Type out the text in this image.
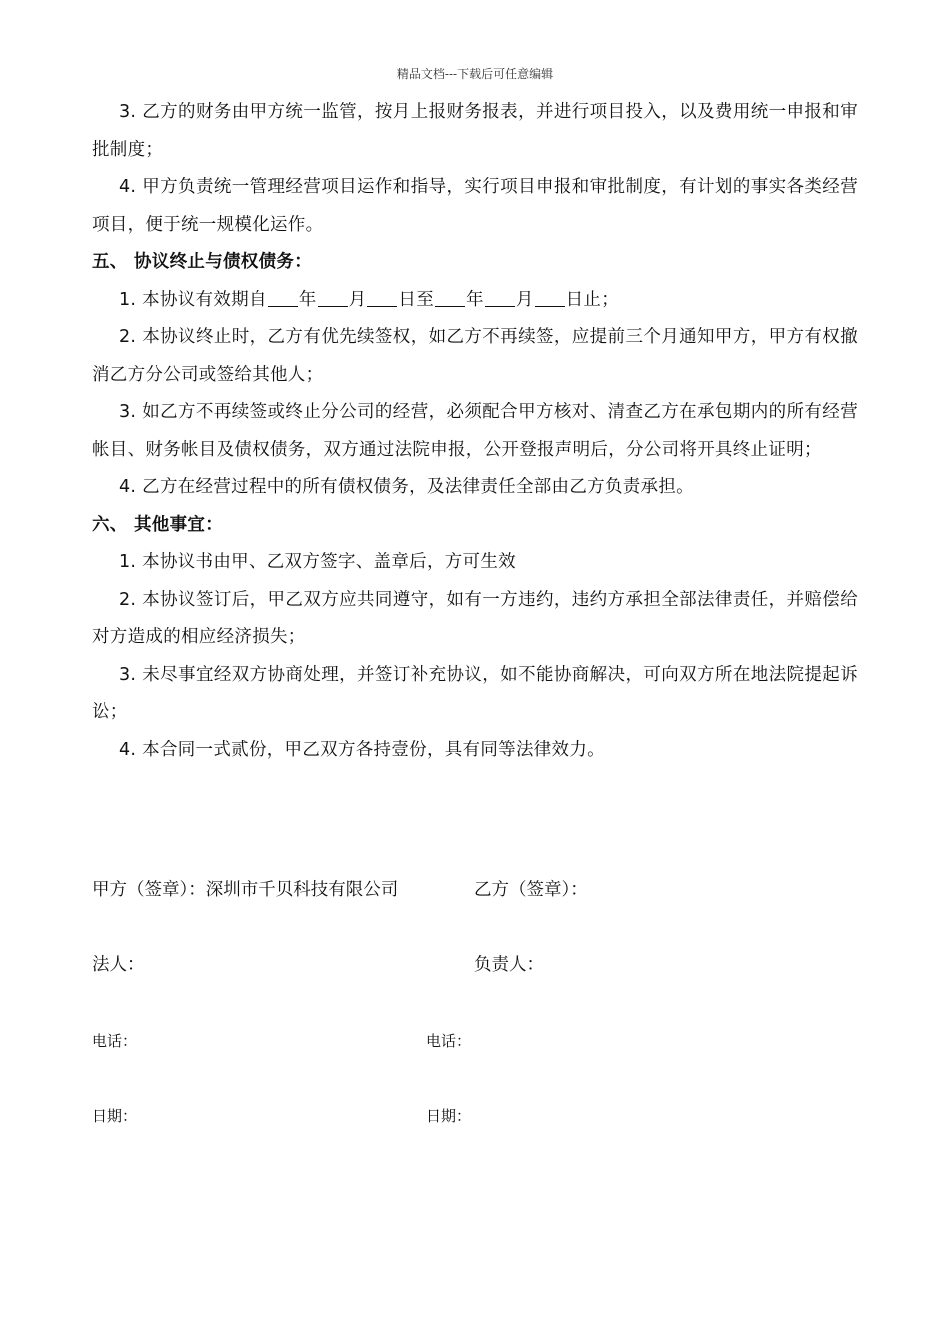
精品文档---下载后可任意编辑

3. 乙方的财务由甲方统一监管，按月上报财务报表，并进行项目投入，以及费用统一申报和审批制度；

4. 甲方负责统一管理经营项目运作和指导，实行项目申报和审批制度，有计划的事实各类经营项目，便于统一规模化运作。

五、 协议终止与债权债务：

1. 本协议有效期自 年 月 日至 年 月 日止；

2. 本协议终止时，乙方有优先续签权，如乙方不再续签，应提前三个月通知甲方，甲方有权撤消乙方分公司或签给其他人；

3. 如乙方不再续签或终止分公司的经营，必须配合甲方核对、清查乙方在承包期内的所有经营帐目、财务帐目及债权债务，双方通过法院申报，公开登报声明后，分公司将开具终止证明；

4. 乙方在经营过程中的所有债权债务，及法律责任全部由乙方负责承担。

六、 其他事宜：

1. 本协议书由甲、乙双方签字、盖章后，方可生效

2. 本协议签订后，甲乙双方应共同遵守，如有一方违约，违约方承担全部法律责任，并赔偿给对方造成的相应经济损失；

3. 未尽事宜经双方协商处理，并签订补充协议，如不能协商解决，可向双方所在地法院提起诉讼；

4. 本合同一式贰份，甲乙双方各持壹份，具有同等法律效力。

甲方（签章）：深圳市千贝科技有限公司	乙方（签章）：
法人：	负责人：
电话：	电话：
日期：	日期：
